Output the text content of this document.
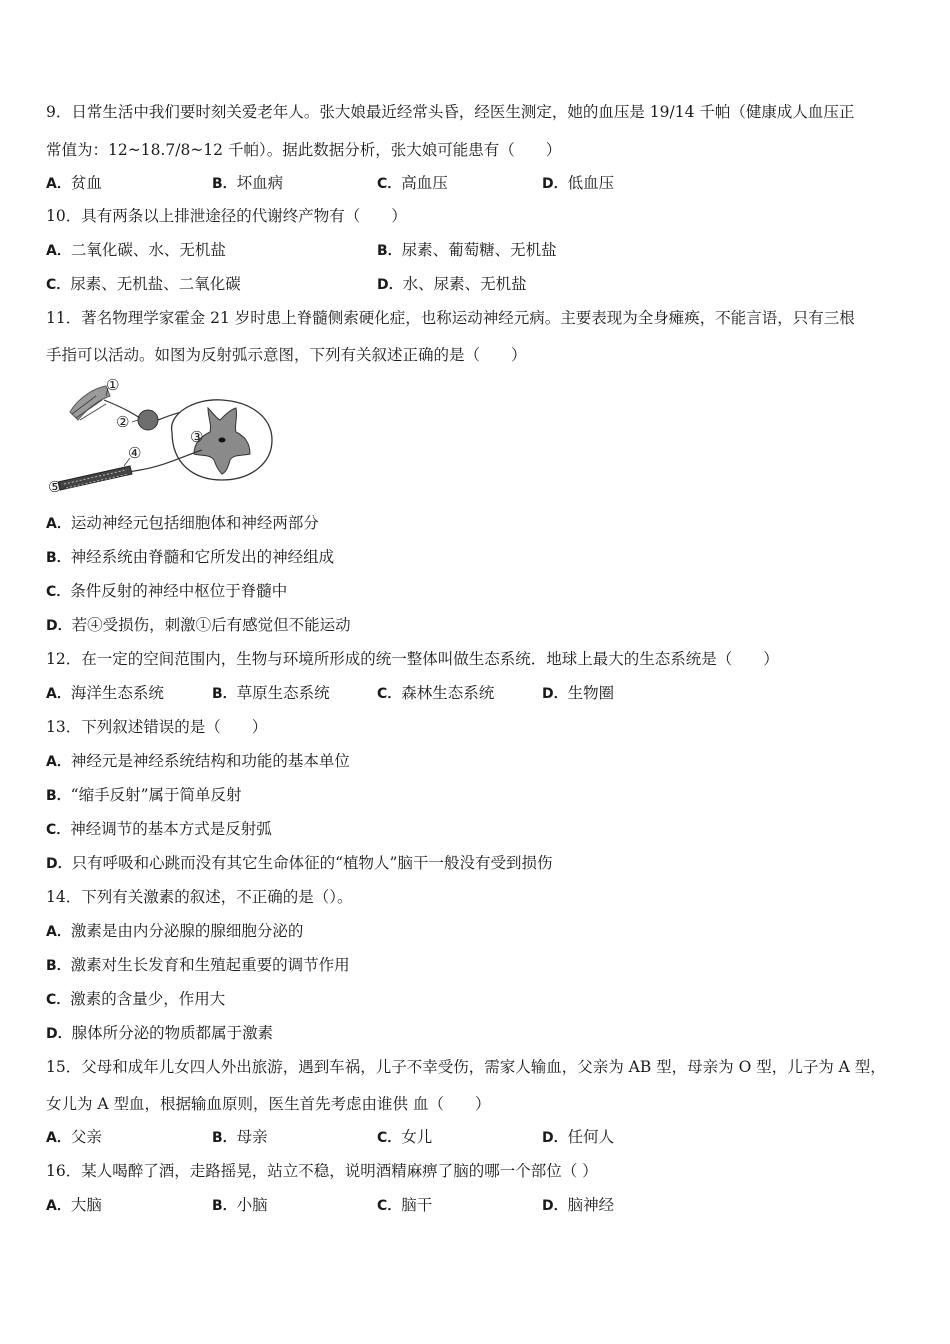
9．日常生活中我们要时刻关爱老年人。张大娘最近经常头昏，经医生测定，她的血压是 19/14 千帕（健康成人血压正
常值为：12~18.7/8~12 千帕）。据此数据分析，张大娘可能患有（　　）
A．贫血	B．坏血病	C．高血压	D．低血压
10．具有两条以上排泄途径的代谢终产物有（　　）
A．二氧化碳、水、无机盐	B．尿素、葡萄糖、无机盐
C．尿素、无机盐、二氧化碳	D．水、尿素、无机盐
11．著名物理学家霍金 21 岁时患上脊髓侧索硬化症，也称运动神经元病。主要表现为全身瘫痪，不能言语，只有三根
手指可以活动。如图为反射弧示意图，下列有关叙述正确的是（　　）
①
②
③
④
⑤
A．运动神经元包括细胞体和神经两部分
B．神经系统由脊髓和它所发出的神经组成
C．条件反射的神经中枢位于脊髓中
D．若④受损伤，刺激①后有感觉但不能运动
12．在一定的空间范围内，生物与环境所形成的统一整体叫做生态系统．地球上最大的生态系统是（　　）
A．海洋生态系统	B．草原生态系统	C．森林生态系统	D．生物圈
13．下列叙述错误的是（　　）
A．神经元是神经系统结构和功能的基本单位
B．“缩手反射”属于简单反射
C．神经调节的基本方式是反射弧
D．只有呼吸和心跳而没有其它生命体征的“植物人”脑干一般没有受到损伤
14．下列有关激素的叙述，不正确的是（）。
A．激素是由内分泌腺的腺细胞分泌的
B．激素对生长发育和生殖起重要的调节作用
C．激素的含量少，作用大
D．腺体所分泌的物质都属于激素
15．父母和成年儿女四人外出旅游，遇到车祸，儿子不幸受伤，需家人输血，父亲为 AB 型，母亲为 O 型，儿子为 A 型，
女儿为 A 型血，根据输血原则，医生首先考虑由谁供 血（　　）
A．父亲	B．母亲	C．女儿	D．任何人
16．某人喝醉了酒，走路摇晃，站立不稳，说明酒精麻痹了脑的哪一个部位（ ）
A．大脑	B．小脑	C．脑干	D．脑神经
